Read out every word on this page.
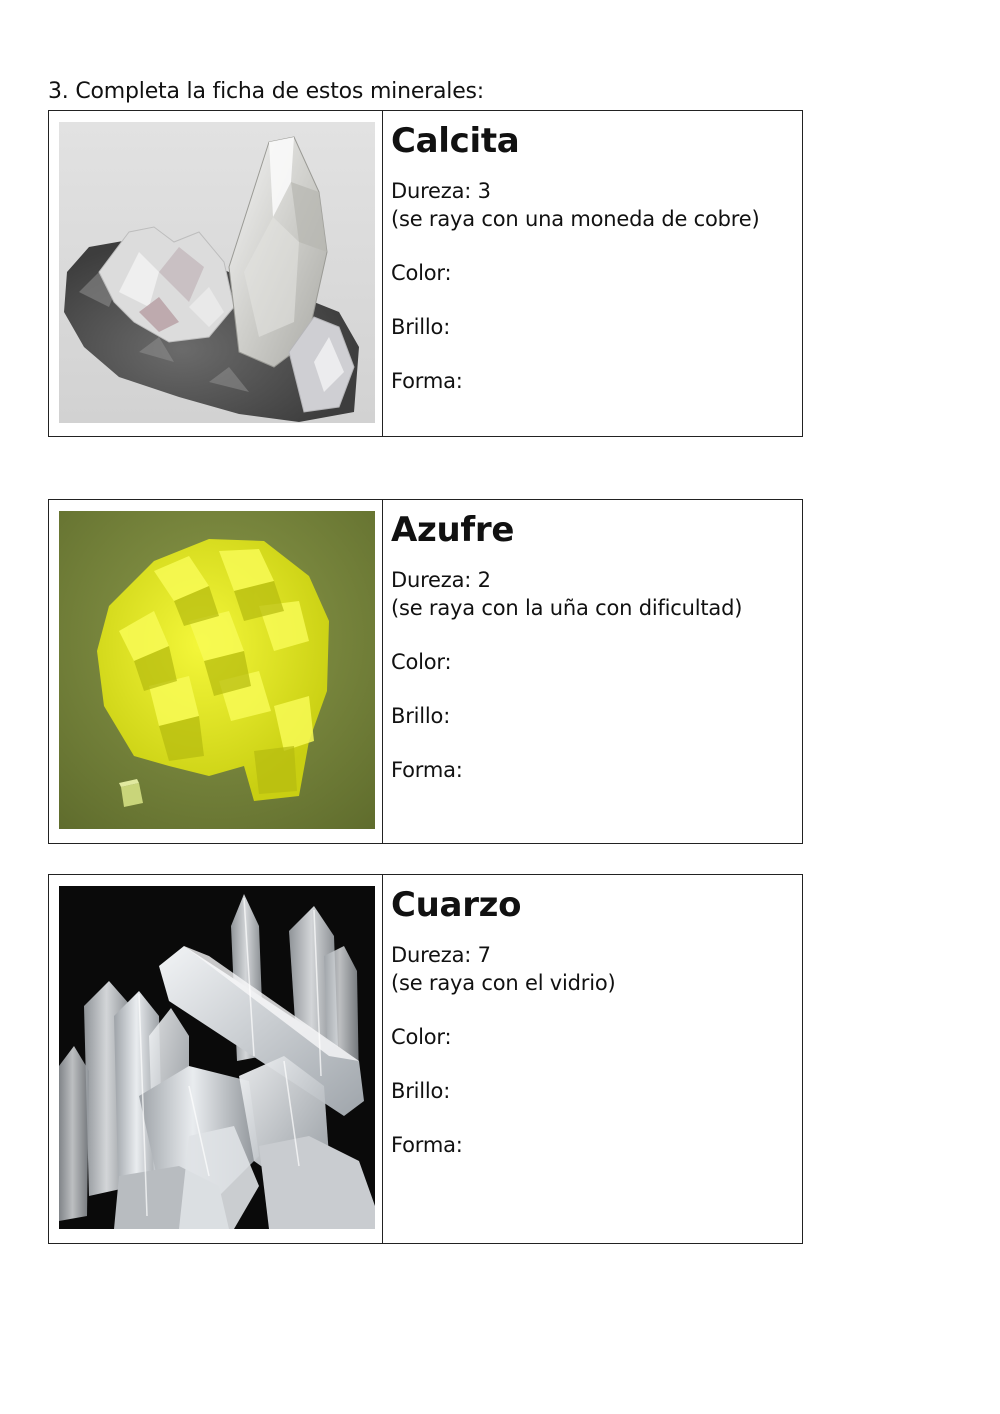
3. Completa la ficha de estos minerales:
Calcita
Dureza: 3
(se raya con una moneda de cobre)
Color:
Brillo:
Forma:
Azufre
Dureza: 2
(se raya con la uña con dificultad)
Color:
Brillo:
Forma:
Cuarzo
Dureza: 7
(se raya con el vidrio)
Color:
Brillo:
Forma:
